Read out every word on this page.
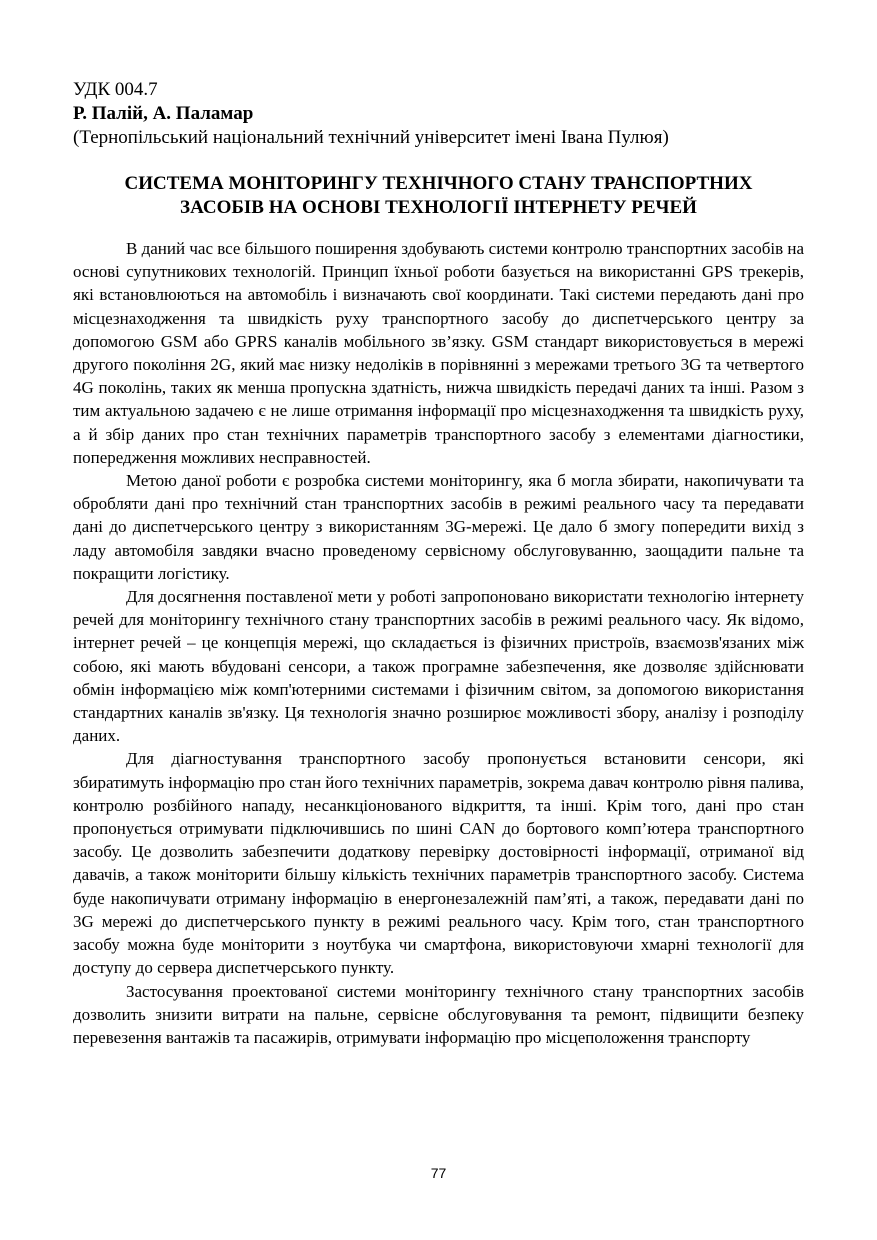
УДК 004.7

Р. Палій, А. Паламар

(Тернопільський національний технічний університет імені Івана Пулюя)

СИСТЕМА МОНІТОРИНГУ ТЕХНІЧНОГО СТАНУ ТРАНСПОРТНИХ
ЗАСОБІВ НА ОСНОВІ ТЕХНОЛОГІЇ ІНТЕРНЕТУ РЕЧЕЙ

В даний час все більшого поширення здобувають системи контролю транспортних засобів на основі супутникових технологій. Принцип їхньої роботи базується на використанні GPS трекерів, які встановлюються на автомобіль і визначають свої координати. Такі системи передають дані про місцезнаходження та швидкість руху транспортного засобу до диспетчерського центру за допомогою GSM або GPRS каналів мобільного зв’язку. GSM стандарт використовується в мережі другого покоління 2G, який має низку недоліків в порівнянні з мережами третього 3G та четвертого 4G поколінь, таких як менша пропускна здатність, нижча швидкість передачі даних та інші. Разом з тим актуальною задачею є не лише отримання інформації про місцезнаходження та швидкість руху, а й збір даних про стан технічних параметрів транспортного засобу з елементами діагностики, попередження можливих несправностей.

Метою даної роботи є розробка системи моніторингу, яка б могла збирати, накопичувати та обробляти дані про технічний стан транспортних засобів в режимі реального часу та передавати дані до диспетчерського центру з використанням 3G-мережі. Це дало б змогу попередити вихід з ладу автомобіля завдяки вчасно проведеному сервісному обслуговуванню, заощадити пальне та покращити логістику.

Для досягнення поставленої мети у роботі запропоновано використати технологію інтернету речей для моніторингу технічного стану транспортних засобів в режимі реального часу. Як відомо, інтернет речей – це концепція мережі, що складається із фізичних пристроїв, взаємозв'язаних між собою, які мають вбудовані сенсори, а також програмне забезпечення, яке дозволяє здійснювати обмін інформацією між комп'ютерними системами і фізичним світом, за допомогою використання стандартних каналів зв'язку. Ця технологія значно розширює можливості збору, аналізу і розподілу даних.

Для діагностування транспортного засобу пропонується встановити сенсори, які збиратимуть інформацію про стан його технічних параметрів, зокрема давач контролю рівня палива, контролю розбійного нападу, несанкціонованого відкриття, та інші. Крім того, дані про стан пропонується отримувати підключившись по шині CAN до бортового комп’ютера транспортного засобу. Це дозволить забезпечити додаткову перевірку достовірності інформації, отриманої від давачів, а також моніторити більшу кількість технічних параметрів транспортного засобу. Система буде накопичувати отриману інформацію в енергонезалежній пам’яті, а також, передавати дані по 3G мережі до диспетчерського пункту в режимі реального часу. Крім того, стан транспортного засобу можна буде моніторити з ноутбука чи смартфона, використовуючи хмарні технології для доступу до сервера диспетчерського пункту.

Застосування проектованої системи моніторингу технічного стану транспортних засобів дозволить знизити витрати на пальне, сервісне обслуговування та ремонт, підвищити безпеку перевезення вантажів та пасажирів, отримувати інформацію про місцеположення транспорту

77
